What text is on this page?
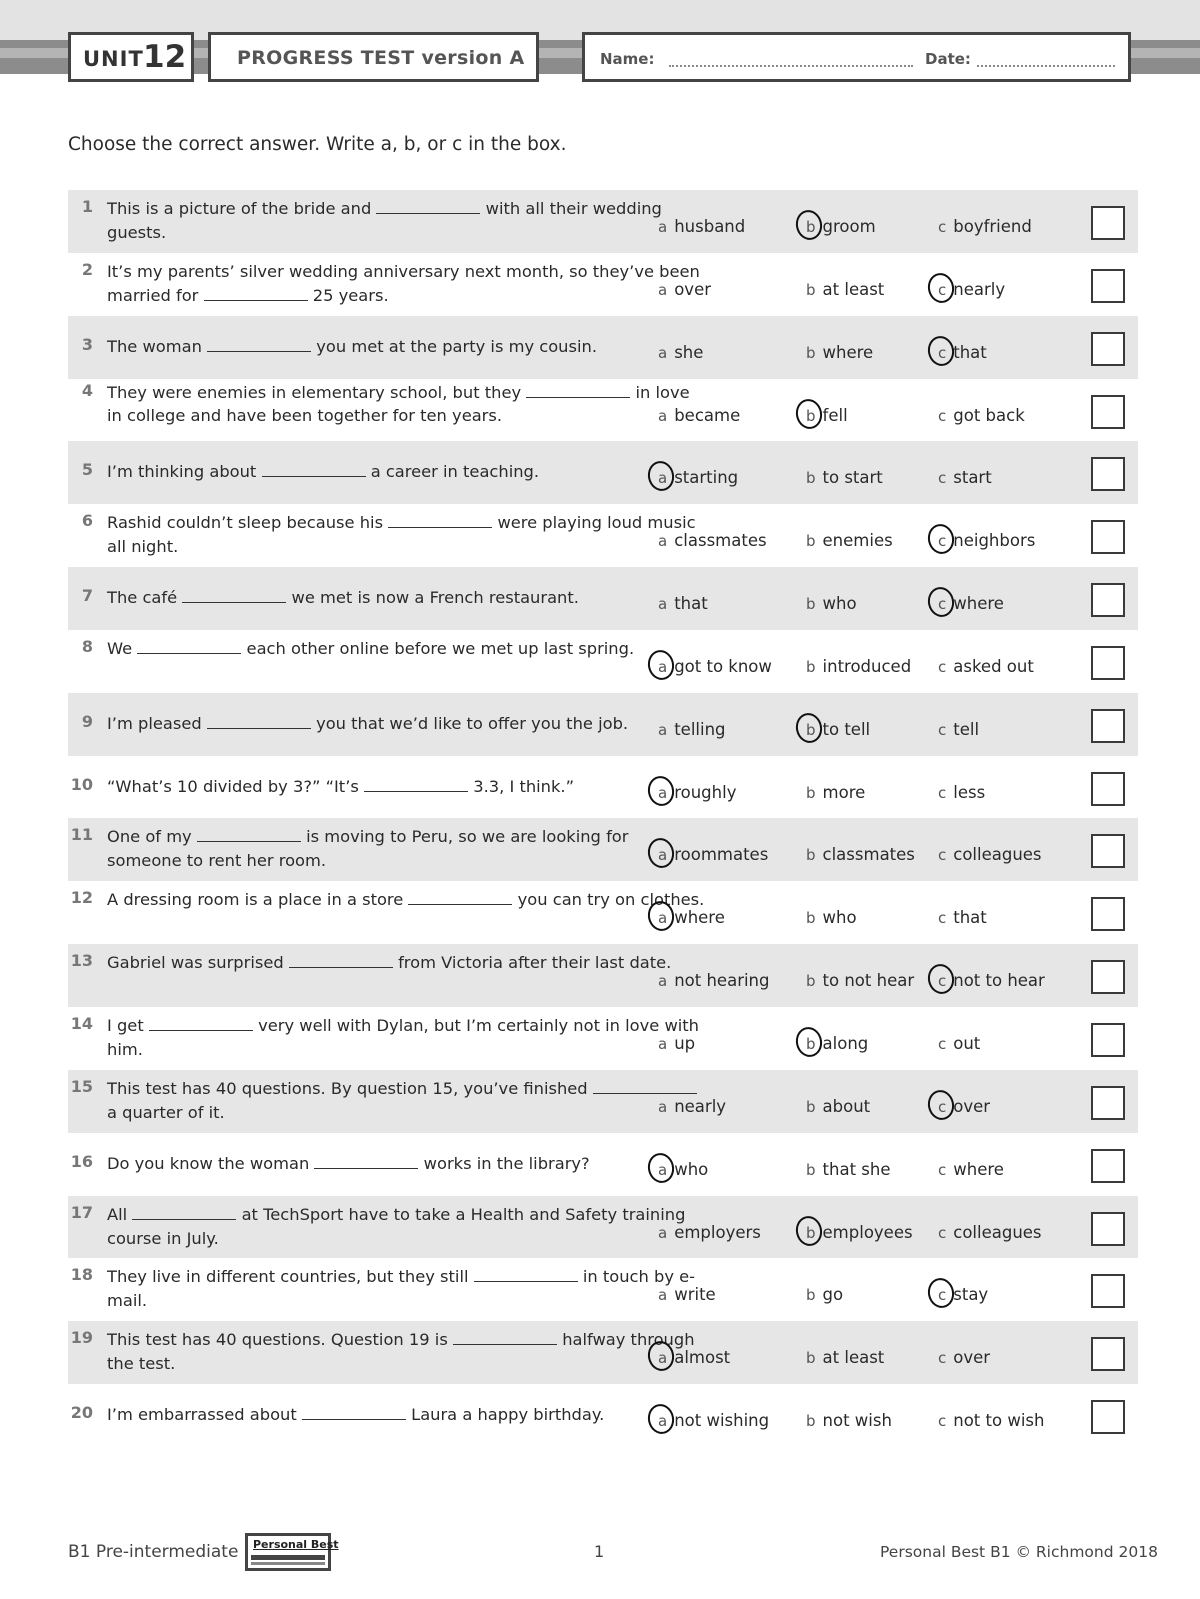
UNIT 12	PROGRESS TEST version A	Name:	Date:
Choose the correct answer. Write a, b, or c in the box.
1 This is a picture of the bride and	with all their wedding guests.	a husband	b groom	c boyfriend
2 It’s my parents’ silver wedding anniversary next month, so they’ve been married for	25 years.	a over	b at least	c nearly
3 The woman	you met at the party is my cousin.	a she	b where	c that
4 They were enemies in elementary school, but they	in love in college and have been together for ten years.	a became	b fell	c got back
5 I’m thinking about	a career in teaching.	a starting	b to start	c start
6 Rashid couldn’t sleep because his	were playing loud music all night.	a classmates	b enemies	c neighbors
7 The café	we met is now a French restaurant.	a that	b who	c where
8 We	each other online before we met up last spring.
a got to know b introduced c asked out
9 I’m pleased	you that we’d like to offer you the job.	a telling	b to tell	c tell
10 “What’s 10 divided by 3?” “It’s	3.3, I think.”	a roughly	b more	c less
11 One of my	is moving to Peru, so we are looking for someone to rent her room.	a roommates	b classmates c colleagues
12 A dressing room is a place in a store	you can try on clothes.
a where	b who	c that
13 Gabriel was surprised	from Victoria after their last date.
a not hearing b to not hear c not to hear
14 I get	very well with Dylan, but I’m certainly not in love with him.	a up	b along	c out
15 This test has 40 questions. By question 15, you’ve finished  a quarter of it.	a nearly	b about	c over
16 Do you know the woman	works in the library?	a who	b that she	c where
17 All	at TechSport have to take a Health and Safety training course in July.	a employers	b employees c colleagues
18 They live in different countries, but they still	in touch by e-mail.	a write	b go	c stay
19 This test has 40 questions. Question 19 is	halfway through the test.	a almost	b at least	c over
20 I’m embarrassed about	Laura a happy birthday.	a not wishing b not wish	c not to wish
B1 Pre-intermediate Personal Best	1	Personal Best B1 © Richmond 2018
